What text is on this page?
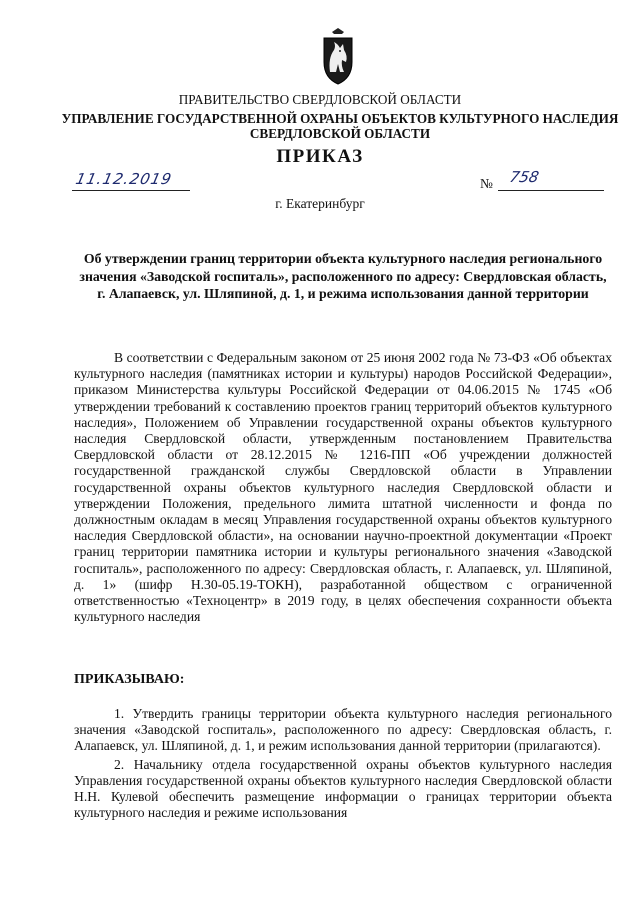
ПРАВИТЕЛЬСТВО СВЕРДЛОВСКОЙ ОБЛАСТИ
УПРАВЛЕНИЕ ГОСУДАРСТВЕННОЙ ОХРАНЫ ОБЪЕКТОВ КУЛЬТУРНОГО НАСЛЕДИЯ СВЕРДЛОВСКОЙ ОБЛАСТИ
ПРИКАЗ
11.12.2019	№ 758
г. Екатеринбург
Об утверждении границ территории объекта культурного наследия регионального значения «Заводской госпиталь», расположенного по адресу: Свердловская область, г. Алапаевск, ул. Шляпиной, д. 1, и режима использования данной территории

В соответствии с Федеральным законом от 25 июня 2002 года № 73-ФЗ «Об объектах культурного наследия (памятниках истории и культуры) народов Российской Федерации», приказом Министерства культуры Российской Федерации от 04.06.2015 № 1745 «Об утверждении требований к составлению проектов границ территорий объектов культурного наследия», Положением об Управлении государственной охраны объектов культурного наследия Свердловской области, утвержденным постановлением Правительства Свердловской области от 28.12.2015 № 1216-ПП «Об учреждении должностей государственной гражданской службы Свердловской области в Управлении государственной охраны объектов культурного наследия Свердловской области и утверждении Положения, предельного лимита штатной численности и фонда по должностным окладам в месяц Управления государственной охраны объектов культурного наследия Свердловской области», на основании научно-проектной документации «Проект границ территории памятника истории и культуры регионального значения «Заводской госпиталь», расположенного по адресу: Свердловская область, г. Алапаевск, ул. Шляпиной, д. 1» (шифр Н.30-05.19-ТОКН), разработанной обществом с ограниченной ответственностью «Техноцентр» в 2019 году, в целях обеспечения сохранности объекта культурного наследия

ПРИКАЗЫВАЮ:

1. Утвердить границы территории объекта культурного наследия регионального значения «Заводской госпиталь», расположенного по адресу: Свердловская область, г. Алапаевск, ул. Шляпиной, д. 1, и режим использования данной территории (прилагаются).

2. Начальнику отдела государственной охраны объектов культурного наследия Управления государственной охраны объектов культурного наследия Свердловской области Н.Н. Кулевой обеспечить размещение информации о границах территории объекта культурного наследия и режиме использования
